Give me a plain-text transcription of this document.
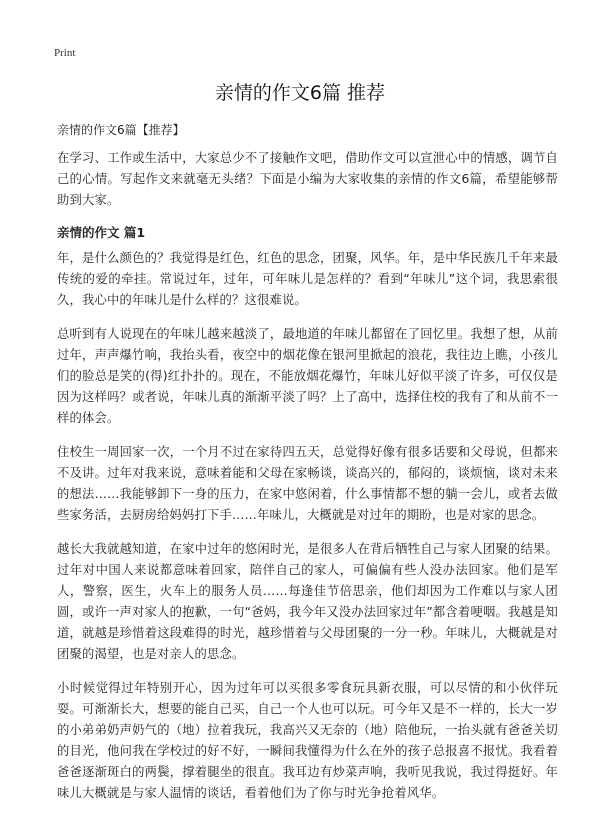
Print
亲情的作文6篇 推荐

亲情的作文6篇【推荐】

在学习、工作或生活中，大家总少不了接触作文吧，借助作文可以宣泄心中的情感，调节自己的心情。写起作文来就毫无头绪？下面是小编为大家收集的亲情的作文6篇，希望能够帮助到大家。

亲情的作文 篇1

年，是什么颜色的？我觉得是红色，红色的思念，团聚，风华。年，是中华民族几千年来最传统的爱的牵挂。常说过年，过年，可年味儿是怎样的？看到“年味儿”这个词，我思索很久，我心中的年味儿是什么样的？这很难说。

总听到有人说现在的年味儿越来越淡了，最地道的年味儿都留在了回忆里。我想了想，从前过年，声声爆竹响，我抬头看，夜空中的烟花像在银河里掀起的浪花，我往边上瞧，小孩儿们的脸总是笑的(得)红扑扑的。现在，不能放烟花爆竹，年味儿好似平淡了许多，可仅仅是因为这样吗？或者说，年味儿真的渐渐平淡了吗？上了高中，选择住校的我有了和从前不一样的体会。

住校生一周回家一次，一个月不过在家待四五天，总觉得好像有很多话要和父母说，但都来不及讲。过年对我来说，意味着能和父母在家畅谈，谈高兴的，郁闷的，谈烦恼，谈对未来的想法……我能够卸下一身的压力，在家中悠闲着，什么事情都不想的躺一会儿，或者去做些家务活，去厨房给妈妈打下手……年味儿，大概就是对过年的期盼，也是对家的思念。

越长大我就越知道，在家中过年的悠闲时光，是很多人在背后牺牲自己与家人团聚的结果。过年对中国人来说都意味着回家，陪伴自己的家人，可偏偏有些人没办法回家。他们是军人，警察，医生，火车上的服务人员……每逢佳节倍思亲，他们却因为工作难以与家人团圆，或许一声对家人的抱歉，一句“爸妈，我今年又没办法回家过年”都含着哽咽。我越是知道，就越是珍惜着这段难得的时光，越珍惜着与父母团聚的一分一秒。年味儿，大概就是对团聚的渴望，也是对亲人的思念。

小时候觉得过年特别开心，因为过年可以买很多零食玩具新衣服，可以尽情的和小伙伴玩耍。可渐渐长大，想要的能自己买，自己一个人也可以玩。可今年又是不一样的，长大一岁的小弟弟奶声奶气的（地）拉着我玩，我高兴又无奈的（地）陪他玩，一抬头就有爸爸关切的目光，他问我在学校过的好不好，一瞬间我懂得为什么在外的孩子总报喜不报忧。我看着爸爸逐渐斑白的两鬓，撑着腿坐的很直。我耳边有炒菜声响，我听见我说，我过得挺好。年味儿大概就是与家人温情的谈话，看着他们为了你与时光争抢着风华。
